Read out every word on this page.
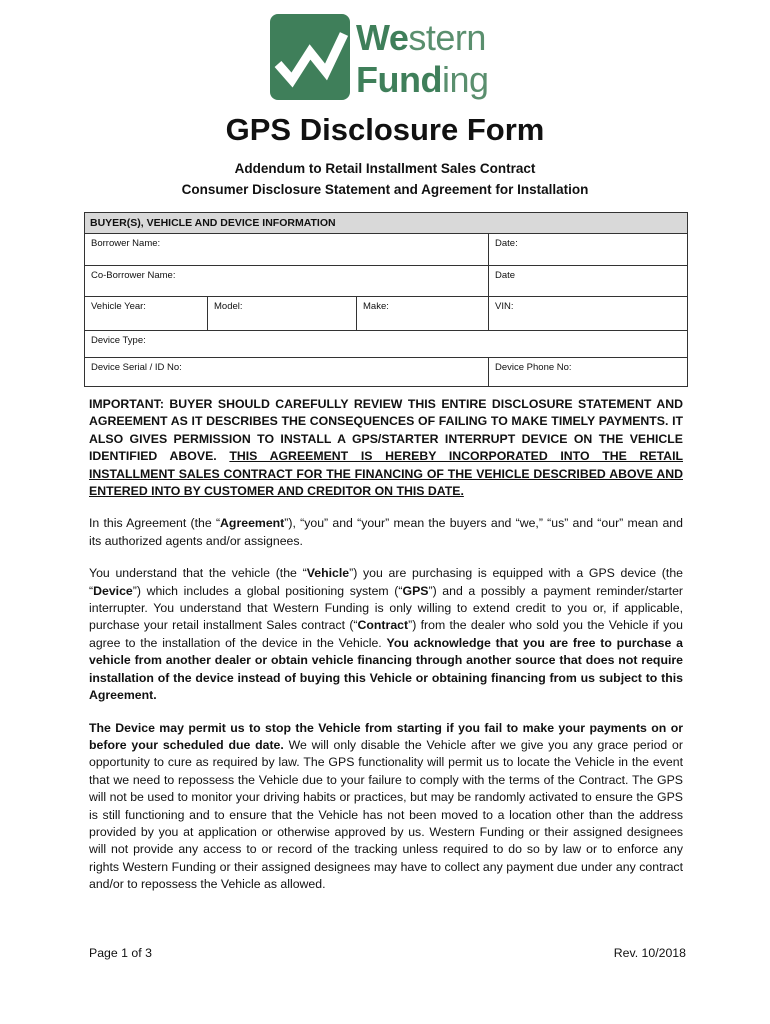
Western
Funding
GPS Disclosure Form
Addendum to Retail Installment Sales Contract
Consumer Disclosure Statement and Agreement for Installation
BUYER(S), VEHICLE AND DEVICE INFORMATION
Borrower Name:	Date:
Co-Borrower Name:	Date
Vehicle Year:	Model:	Make:	VIN:
Device Type:
Device Serial / ID No:	Device Phone No:

IMPORTANT: BUYER SHOULD CAREFULLY REVIEW THIS ENTIRE DISCLOSURE STATEMENT AND AGREEMENT AS IT DESCRIBES THE CONSEQUENCES OF FAILING TO MAKE TIMELY PAYMENTS. IT ALSO GIVES PERMISSION TO INSTALL A GPS/STARTER INTERRUPT DEVICE ON THE VEHICLE IDENTIFIED ABOVE. THIS AGREEMENT IS HEREBY INCORPORATED INTO THE RETAIL INSTALLMENT SALES CONTRACT FOR THE FINANCING OF THE VEHICLE DESCRIBED ABOVE AND ENTERED INTO BY CUSTOMER AND CREDITOR ON THIS DATE.

In this Agreement (the “Agreement”), “you” and “your” mean the buyers and “we,” “us” and “our” mean and its authorized agents and/or assignees.

You understand that the vehicle (the “Vehicle”) you are purchasing is equipped with a GPS device (the “Device”) which includes a global positioning system (“GPS”) and a possibly a payment reminder/starter interrupter. You understand that Western Funding is only willing to extend credit to you or, if applicable, purchase your retail installment Sales contract (“Contract”) from the dealer who sold you the Vehicle if you agree to the installation of the device in the Vehicle. You acknowledge that you are free to purchase a vehicle from another dealer or obtain vehicle financing through another source that does not require installation of the device instead of buying this Vehicle or obtaining financing from us subject to this Agreement.

The Device may permit us to stop the Vehicle from starting if you fail to make your payments on or before your scheduled due date. We will only disable the Vehicle after we give you any grace period or opportunity to cure as required by law. The GPS functionality will permit us to locate the Vehicle in the event that we need to repossess the Vehicle due to your failure to comply with the terms of the Contract. The GPS will not be used to monitor your driving habits or practices, but may be randomly activated to ensure the GPS is still functioning and to ensure that the Vehicle has not been moved to a location other than the address provided by you at application or otherwise approved by us. Western Funding or their assigned designees will not provide any access to or record of the tracking unless required to do so by law or to enforce any rights Western Funding or their assigned designees may have to collect any payment due under any contract and/or to repossess the Vehicle as allowed.

Page 1 of 3	Rev. 10/2018
